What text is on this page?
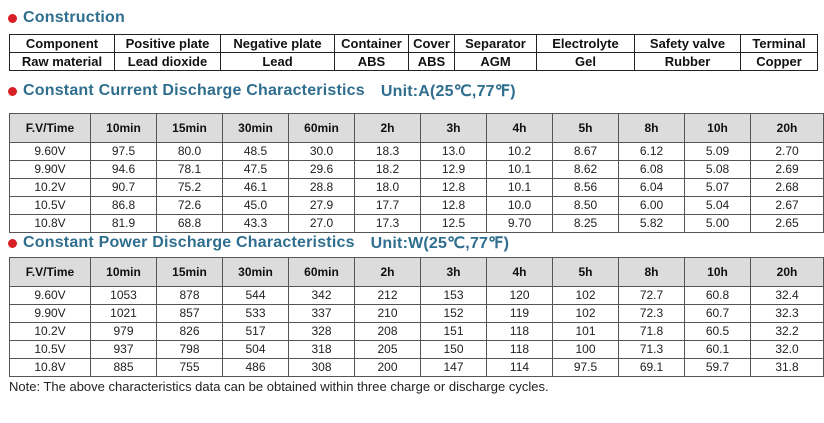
Construction
Component	Positive plate	Negative plate	Container	Cover	Separator	Electrolyte	Safety valve	Terminal
Raw material	Lead dioxide	Lead	ABS	ABS	AGM	Gel	Rubber	Copper
Constant Current Discharge Characteristics Unit:A(25℃,77℉)
F.V/Time	10min	15min	30min	60min	2h	3h	4h	5h	8h	10h	20h
9.60V	97.5	80.0	48.5	30.0	18.3	13.0	10.2	8.67	6.12	5.09	2.70
9.90V	94.6	78.1	47.5	29.6	18.2	12.9	10.1	8.62	6.08	5.08	2.69
10.2V	90.7	75.2	46.1	28.8	18.0	12.8	10.1	8.56	6.04	5.07	2.68
10.5V	86.8	72.6	45.0	27.9	17.7	12.8	10.0	8.50	6.00	5.04	2.67
10.8V	81.9	68.8	43.3	27.0	17.3	12.5	9.70	8.25	5.82	5.00	2.65
Constant Power Discharge Characteristics Unit:W(25℃,77℉)
F.V/Time	10min	15min	30min	60min	2h	3h	4h	5h	8h	10h	20h
9.60V	1053	878	544	342	212	153	120	102	72.7	60.8	32.4
9.90V	1021	857	533	337	210	152	119	102	72.3	60.7	32.3
10.2V	979	826	517	328	208	151	118	101	71.8	60.5	32.2
10.5V	937	798	504	318	205	150	118	100	71.3	60.1	32.0
10.8V	885	755	486	308	200	147	114	97.5	69.1	59.7	31.8
Note: The above characteristics data can be obtained within three charge or discharge cycles.
